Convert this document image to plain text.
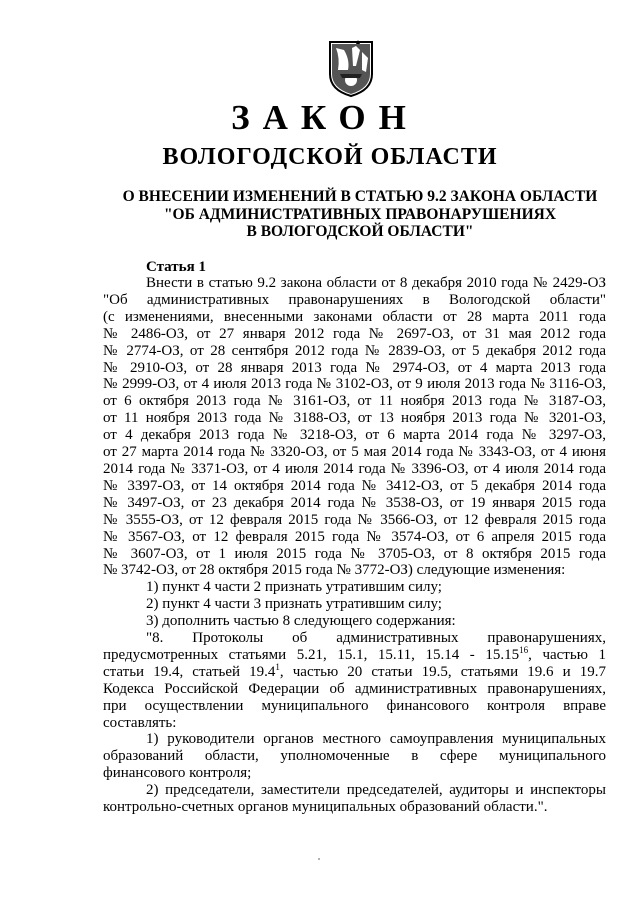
ЗАКОН
ВОЛОГОДСКОЙ ОБЛАСТИ
О ВНЕСЕНИИ ИЗМЕНЕНИЙ В СТАТЬЮ 9.2 ЗАКОНА ОБЛАСТИ
"ОБ АДМИНИСТРАТИВНЫХ ПРАВОНАРУШЕНИЯХ
В ВОЛОГОДСКОЙ ОБЛАСТИ"
Статья 1
Внести в статью 9.2 закона области от 8 декабря 2010 года № 2429-ОЗ
"Об административных правонарушениях в Вологодской области"
(с изменениями, внесенными законами области от 28 марта 2011 года
№ 2486-ОЗ, от 27 января 2012 года № 2697-ОЗ, от 31 мая 2012 года
№ 2774-ОЗ, от 28 сентября 2012 года № 2839-ОЗ, от 5 декабря 2012 года
№ 2910-ОЗ, от 28 января 2013 года № 2974-ОЗ, от 4 марта 2013 года
№ 2999-ОЗ, от 4 июля 2013 года № 3102-ОЗ, от 9 июля 2013 года № 3116-ОЗ,
от 6 октября 2013 года № 3161-ОЗ, от 11 ноября 2013 года № 3187-ОЗ,
от 11 ноября 2013 года № 3188-ОЗ, от 13 ноября 2013 года № 3201-ОЗ,
от 4 декабря 2013 года № 3218-ОЗ, от 6 марта 2014 года № 3297-ОЗ,
от 27 марта 2014 года № 3320-ОЗ, от 5 мая 2014 года № 3343-ОЗ, от 4 июня
2014 года № 3371-ОЗ, от 4 июля 2014 года № 3396-ОЗ, от 4 июля 2014 года
№ 3397-ОЗ, от 14 октября 2014 года № 3412-ОЗ, от 5 декабря 2014 года
№ 3497-ОЗ, от 23 декабря 2014 года № 3538-ОЗ, от 19 января 2015 года
№ 3555-ОЗ, от 12 февраля 2015 года № 3566-ОЗ, от 12 февраля 2015 года
№ 3567-ОЗ, от 12 февраля 2015 года № 3574-ОЗ, от 6 апреля 2015 года
№ 3607-ОЗ, от 1 июля 2015 года № 3705-ОЗ, от 8 октября 2015 года
№ 3742-ОЗ, от 28 октября 2015 года № 3772-ОЗ) следующие изменения:
1) пункт 4 части 2 признать утратившим силу;
2) пункт 4 части 3 признать утратившим силу;
3) дополнить частью 8 следующего содержания:
"8. Протоколы об административных правонарушениях,
предусмотренных статьями 5.21, 15.1, 15.11, 15.14 - 15.15$^{16}$, частью 1
статьи 19.4, статьей 19.4$^1$, частью 20 статьи 19.5, статьями 19.6 и 19.7
Кодекса Российской Федерации об административных правонарушениях,
при осуществлении муниципального финансового контроля вправе
составлять:
1) руководители органов местного самоуправления муниципальных
образований области, уполномоченные в сфере муниципального
финансового контроля;
2) председатели, заместители председателей, аудиторы и инспекторы
контрольно-счетных органов муниципальных образований области.".
